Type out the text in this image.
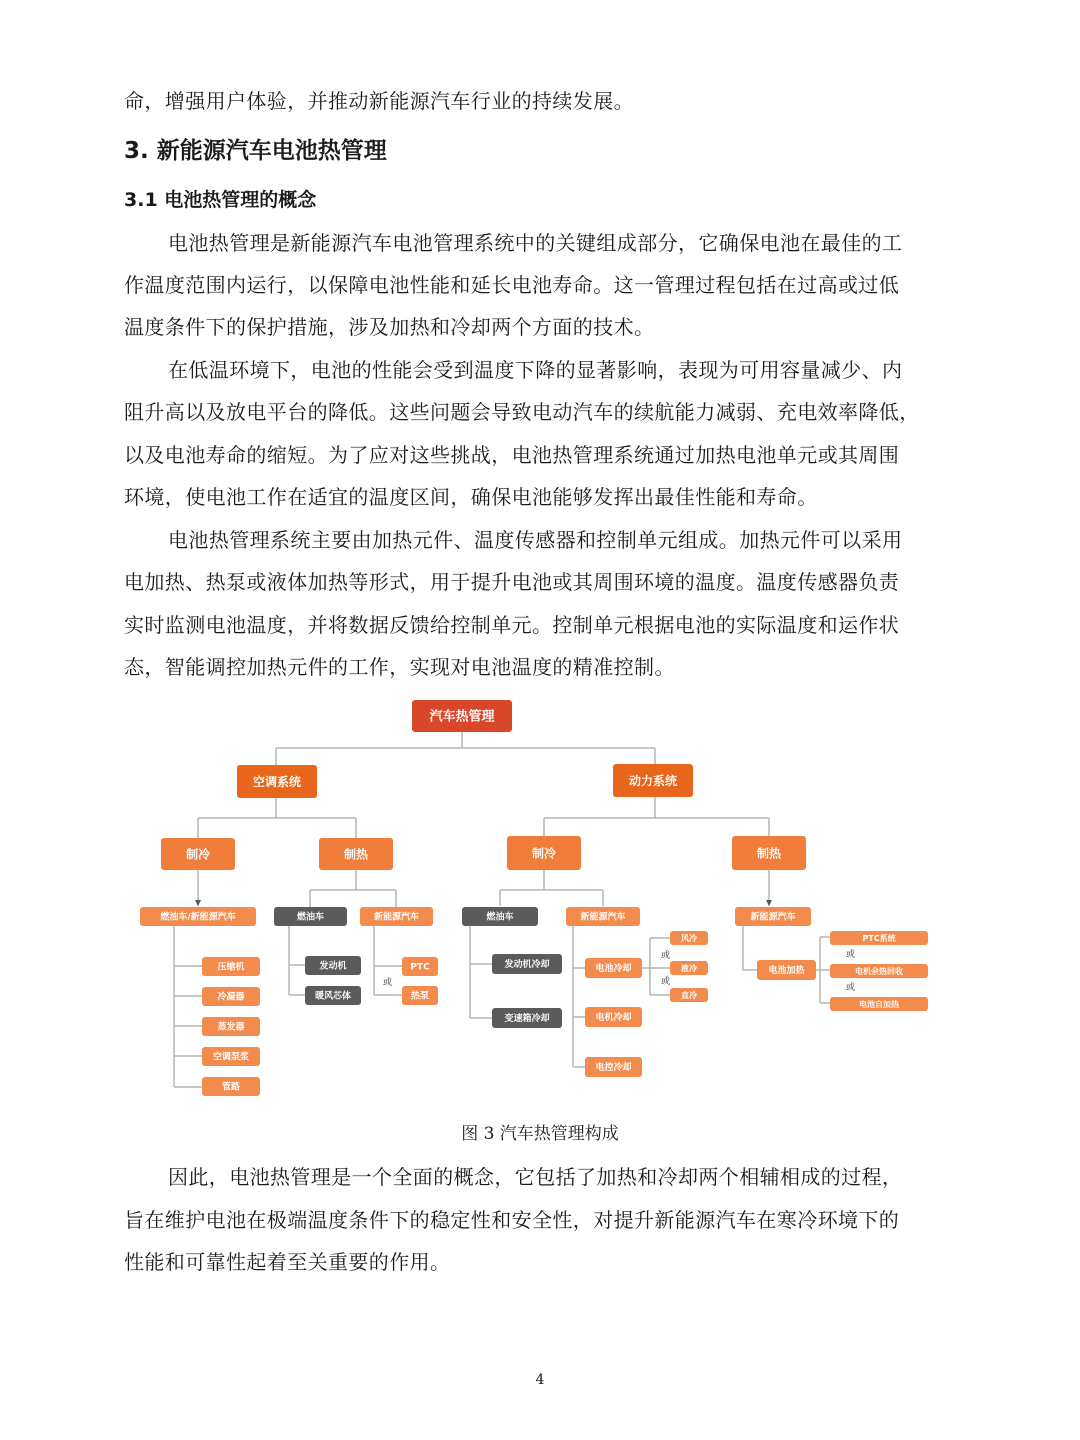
命，增强用户体验，并推动新能源汽车行业的持续发展。
3. 新能源汽车电池热管理
3.1 电池热管理的概念
电池热管理是新能源汽车电池管理系统中的关键组成部分，它确保电池在最佳的工
作温度范围内运行，以保障电池性能和延长电池寿命。这一管理过程包括在过高或过低
温度条件下的保护措施，涉及加热和冷却两个方面的技术。
在低温环境下，电池的性能会受到温度下降的显著影响，表现为可用容量减少、内
阻升高以及放电平台的降低。这些问题会导致电动汽车的续航能力减弱、充电效率降低，
以及电池寿命的缩短。为了应对这些挑战，电池热管理系统通过加热电池单元或其周围
环境，使电池工作在适宜的温度区间，确保电池能够发挥出最佳性能和寿命。
电池热管理系统主要由加热元件、温度传感器和控制单元组成。加热元件可以采用
电加热、热泵或液体加热等形式，用于提升电池或其周围环境的温度。温度传感器负责
实时监测电池温度，并将数据反馈给控制单元。控制单元根据电池的实际温度和运作状
态，智能调控加热元件的工作，实现对电池温度的精准控制。
汽车热管理
空调系统	动力系统
制冷	制热	制冷	制热
燃油车/新能源汽车
压缩机
冷凝器
蒸发器
空调泵浆
管路
燃油车
发动机
暖风芯体
新能源汽车
PTC
热泵
燃油车
发动机冷却
变速箱冷却
新能源汽车
电池冷却
电机冷却
电控冷却
风冷
液冷
直冷
新能源汽车
电池加热
PTC系统
电机余热回收
电池自加热
或
或
或
或
或
图 3 汽车热管理构成
因此，电池热管理是一个全面的概念，它包括了加热和冷却两个相辅相成的过程，
旨在维护电池在极端温度条件下的稳定性和安全性，对提升新能源汽车在寒冷环境下的
性能和可靠性起着至关重要的作用。
4
